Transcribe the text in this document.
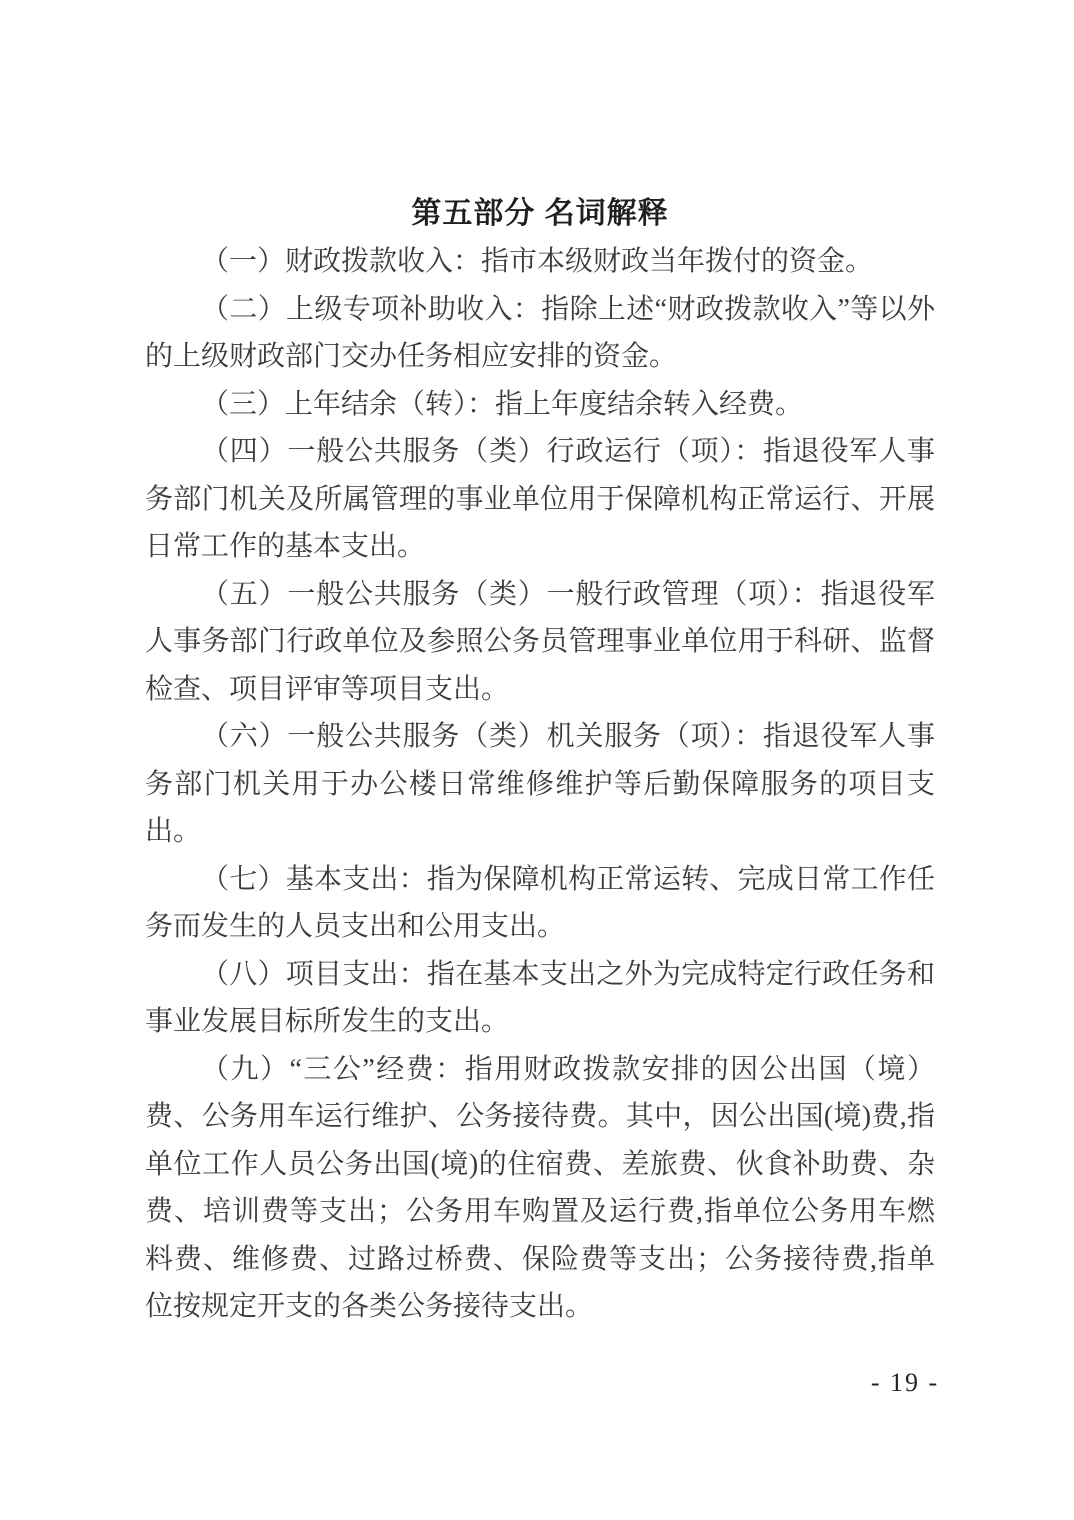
第五部分 名词解释

（一）财政拨款收入：指市本级财政当年拨付的资金。

（二）上级专项补助收入：指除上述“财政拨款收入”等以外的上级财政部门交办任务相应安排的资金。

（三）上年结余（转）：指上年度结余转入经费。

（四）一般公共服务（类）行政运行（项）：指退役军人事务部门机关及所属管理的事业单位用于保障机构正常运行、开展日常工作的基本支出。

（五）一般公共服务（类）一般行政管理（项）：指退役军人事务部门行政单位及参照公务员管理事业单位用于科研、监督检查、项目评审等项目支出。

（六）一般公共服务（类）机关服务（项）：指退役军人事务部门机关用于办公楼日常维修维护等后勤保障服务的项目支出。

（七）基本支出：指为保障机构正常运转、完成日常工作任务而发生的人员支出和公用支出。

（八）项目支出：指在基本支出之外为完成特定行政任务和事业发展目标所发生的支出。

（九）“三公”经费：指用财政拨款安排的因公出国（境）费、公务用车运行维护、公务接待费。其中，因公出国(境)费,指单位工作人员公务出国(境)的住宿费、差旅费、伙食补助费、杂费、培训费等支出；公务用车购置及运行费,指单位公务用车燃料费、维修费、过路过桥费、保险费等支出；公务接待费,指单位按规定开支的各类公务接待支出。

- 19 -
